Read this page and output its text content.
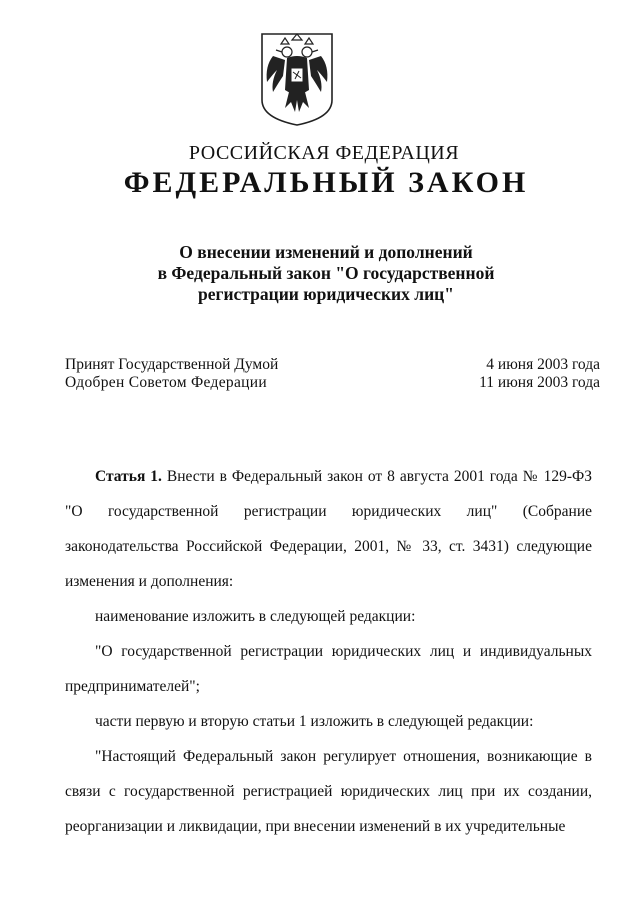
РОССИЙСКАЯ ФЕДЕРАЦИЯ
ФЕДЕРАЛЬНЫЙ ЗАКОН
О внесении изменений и дополнений
в Федеральный закон "О государственной
регистрации юридических лиц"
Принят Государственной Думой	4 июня 2003 года
Одобрен Советом Федерации	11 июня 2003 года

Статья 1. Внести в Федеральный закон от 8 августа 2001 года № 129-ФЗ "О государственной регистрации юридических лиц" (Собрание законодательства Российской Федерации, 2001, № 33, ст. 3431) следующие изменения и дополнения:

наименование изложить в следующей редакции:

"О государственной регистрации юридических лиц и индивидуальных предпринимателей";

части первую и вторую статьи 1 изложить в следующей редакции:

"Настоящий Федеральный закон регулирует отношения, возникающие в связи с государственной регистрацией юридических лиц при их создании, реорганизации и ликвидации, при внесении изменений в их учредительные
